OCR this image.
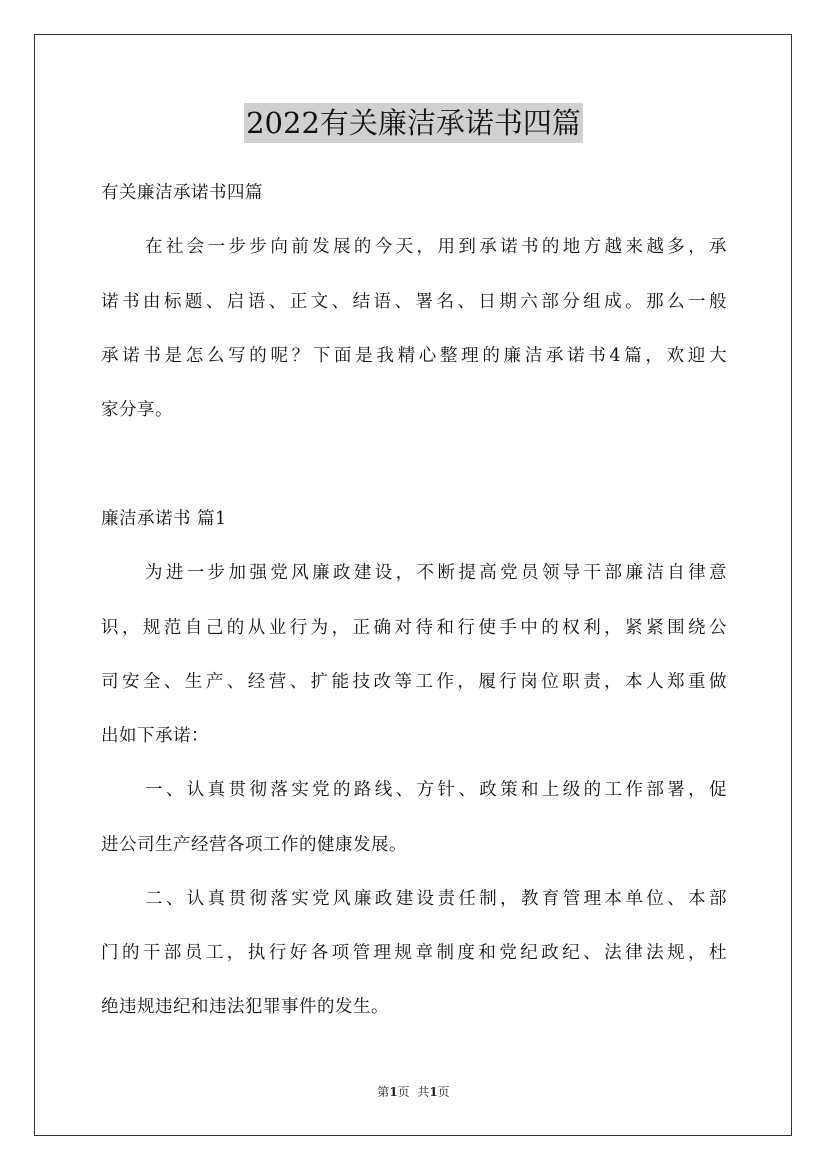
2022有关廉洁承诺书四篇
有关廉洁承诺书四篇
在社会一步步向前发展的今天，用到承诺书的地方越来越多，承
诺书由标题、启语、正文、结语、署名、日期六部分组成。那么一般
承诺书是怎么写的呢？下面是我精心整理的廉洁承诺书4篇，欢迎大
家分享。
廉洁承诺书 篇1
为进一步加强党风廉政建设，不断提高党员领导干部廉洁自律意
识，规范自己的从业行为，正确对待和行使手中的权利，紧紧围绕公
司安全、生产、经营、扩能技改等工作，履行岗位职责，本人郑重做
出如下承诺：
一、认真贯彻落实党的路线、方针、政策和上级的工作部署，促
进公司生产经营各项工作的健康发展。
二、认真贯彻落实党风廉政建设责任制，教育管理本单位、本部
门的干部员工，执行好各项管理规章制度和党纪政纪、法律法规，杜
绝违规违纪和违法犯罪事件的发生。
第1页  共1页
